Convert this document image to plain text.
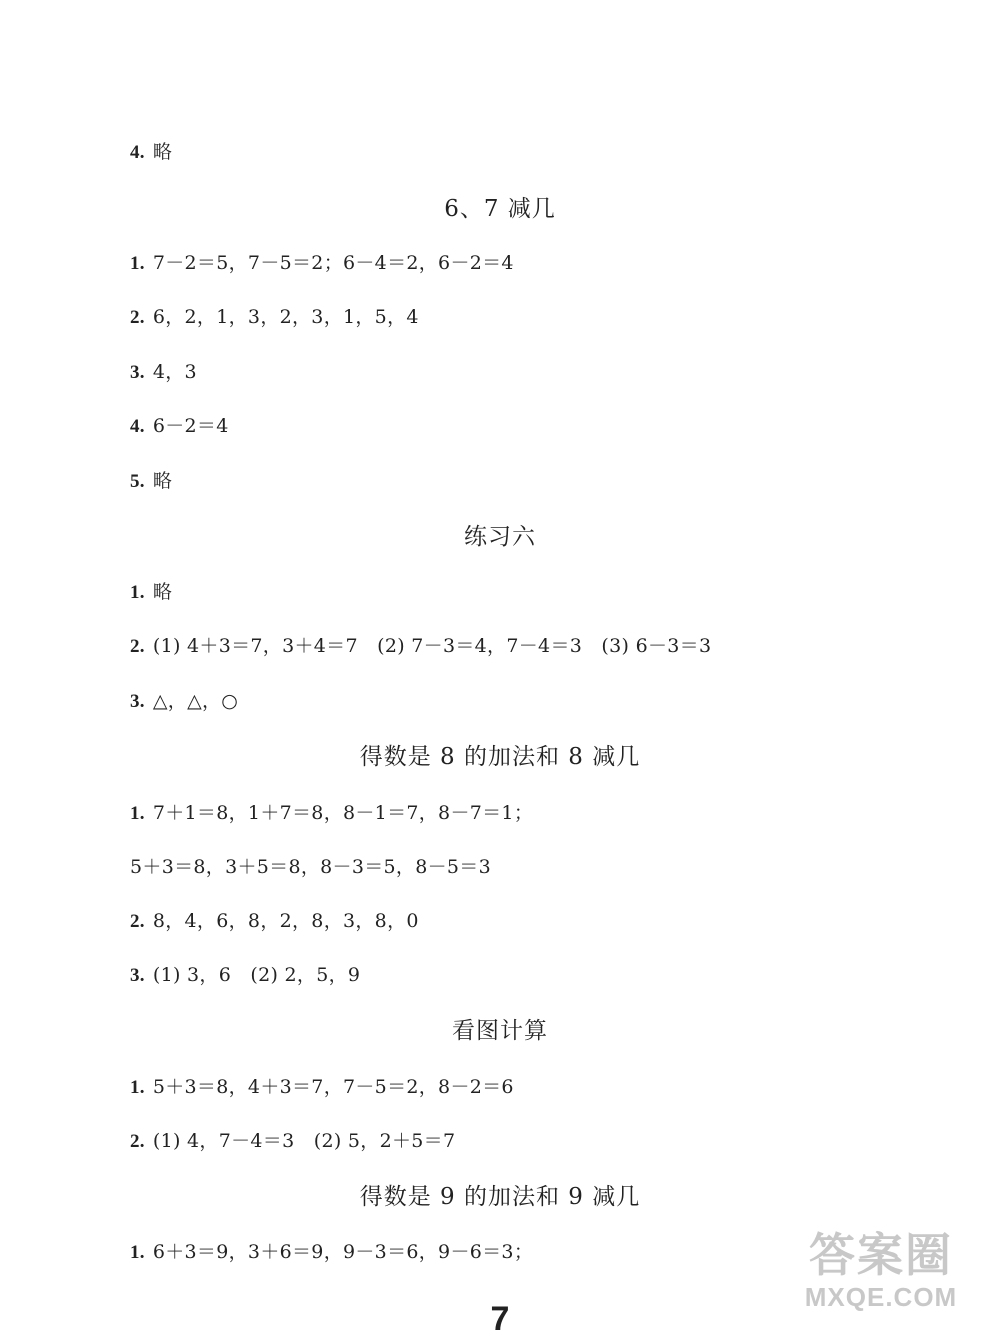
4. 略
6、7 减几
1. 7－2＝5，7－5＝2；6－4＝2，6－2＝4
2. 6，2，1，3，2，3，1，5，4
3. 4，3
4. 6－2＝4
5. 略
练习六
1. 略
2. (1) 4＋3＝7，3＋4＝7　(2) 7－3＝4，7－4＝3　(3) 6－3＝3
3. △，△，○
得数是 8 的加法和 8 减几
1. 7＋1＝8，1＋7＝8，8－1＝7，8－7＝1；
5＋3＝8，3＋5＝8，8－3＝5，8－5＝3
2. 8，4，6，8，2，8，3，8，0
3. (1) 3，6　(2) 2，5，9
看图计算
1. 5＋3＝8，4＋3＝7，7－5＝2，8－2＝6
2. (1) 4，7－4＝3　(2) 5，2＋5＝7
得数是 9 的加法和 9 减几
1. 6＋3＝9，3＋6＝9，9－3＝6，9－6＝3；
7
答案圈
MXQE.COM
